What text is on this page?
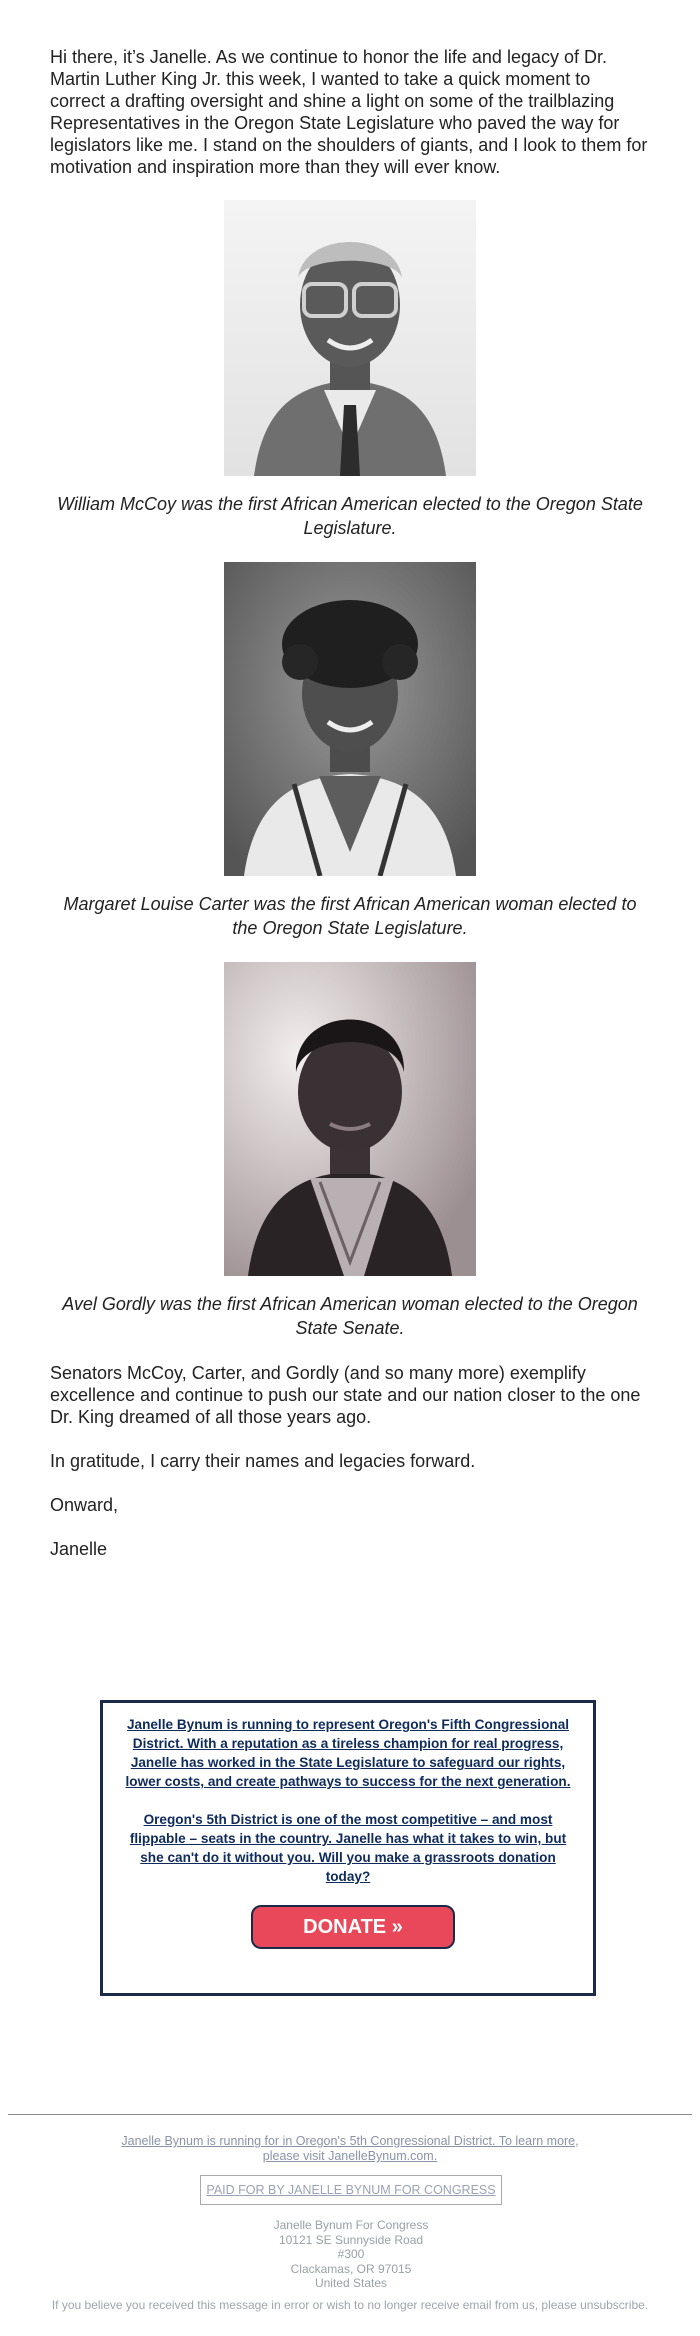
Hi there, it’s Janelle. As we continue to honor the life and legacy of Dr. Martin Luther King Jr. this week, I wanted to take a quick moment to correct a drafting oversight and shine a light on some of the trailblazing Representatives in the Oregon State Legislature who paved the way for legislators like me. I stand on the shoulders of giants, and I look to them for motivation and inspiration more than they will ever know.

William McCoy was the first African American elected to the Oregon State Legislature.
Margaret Louise Carter was the first African American woman elected to the Oregon State Legislature.
Avel Gordly was the first African American woman elected to the Oregon State Senate.

Senators McCoy, Carter, and Gordly (and so many more) exemplify excellence and continue to push our state and our nation closer to the one Dr. King dreamed of all those years ago.

In gratitude, I carry their names and legacies forward.

Onward,

Janelle

Janelle Bynum is running to represent Oregon's Fifth Congressional District. With a reputation as a tireless champion for real progress, Janelle has worked in the State Legislature to safeguard our rights, lower costs, and create pathways to success for the next generation.

Oregon's 5th District is one of the most competitive – and most flippable – seats in the country. Janelle has what it takes to win, but she can't do it without you. Will you make a grassroots donation today?

DONATE »
Janelle Bynum is running for in Oregon's 5th Congressional District. To learn more, please visit JanelleBynum.com.
PAID FOR BY JANELLE BYNUM FOR CONGRESS
Janelle Bynum For Congress
10121 SE Sunnyside Road
#300
Clackamas, OR 97015
United States
If you believe you received this message in error or wish to no longer receive email from us, please unsubscribe.
